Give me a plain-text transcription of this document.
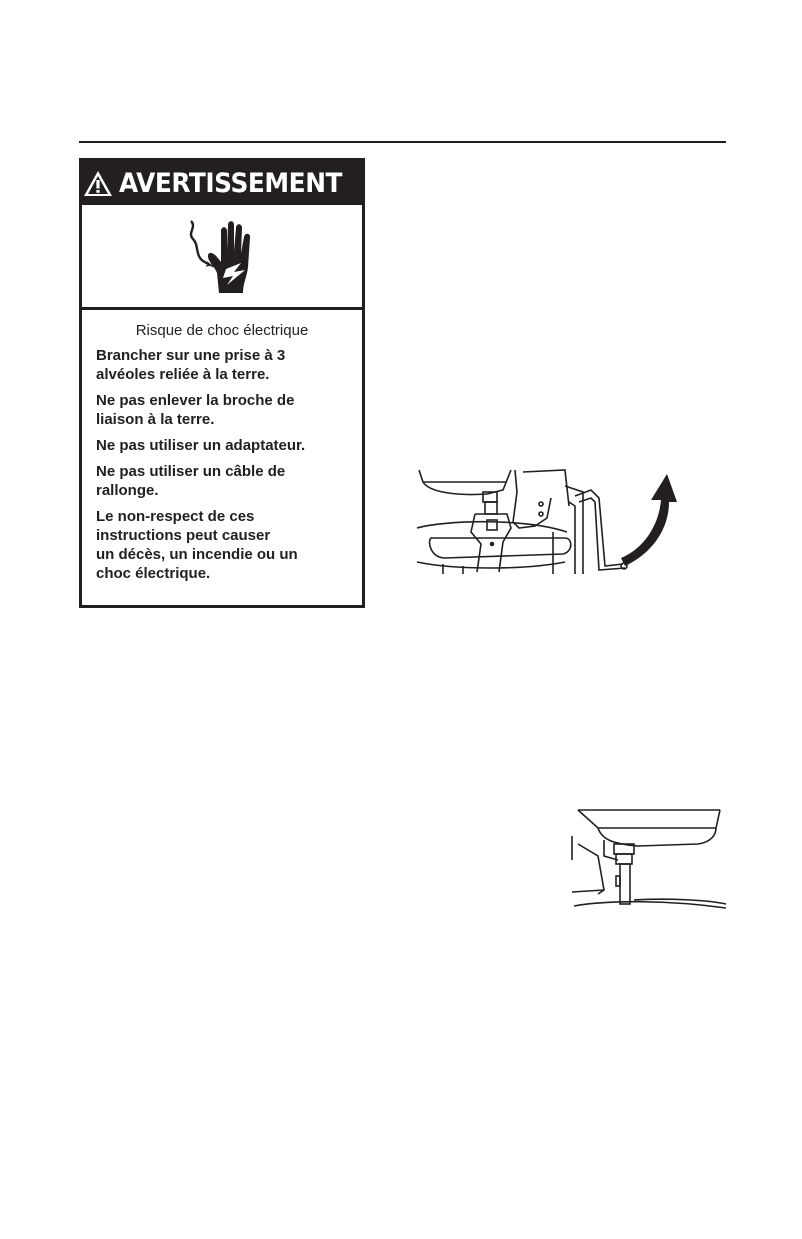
AVERTISSEMENT
Risque de choc électrique
Brancher sur une prise à 3
alvéoles reliée à la terre.
Ne pas enlever la broche de
liaison à la terre.
Ne pas utiliser un adaptateur.
Ne pas utiliser un câble de
rallonge.
Le non-respect de ces
instructions peut causer
un décès, un incendie ou un
choc électrique.
